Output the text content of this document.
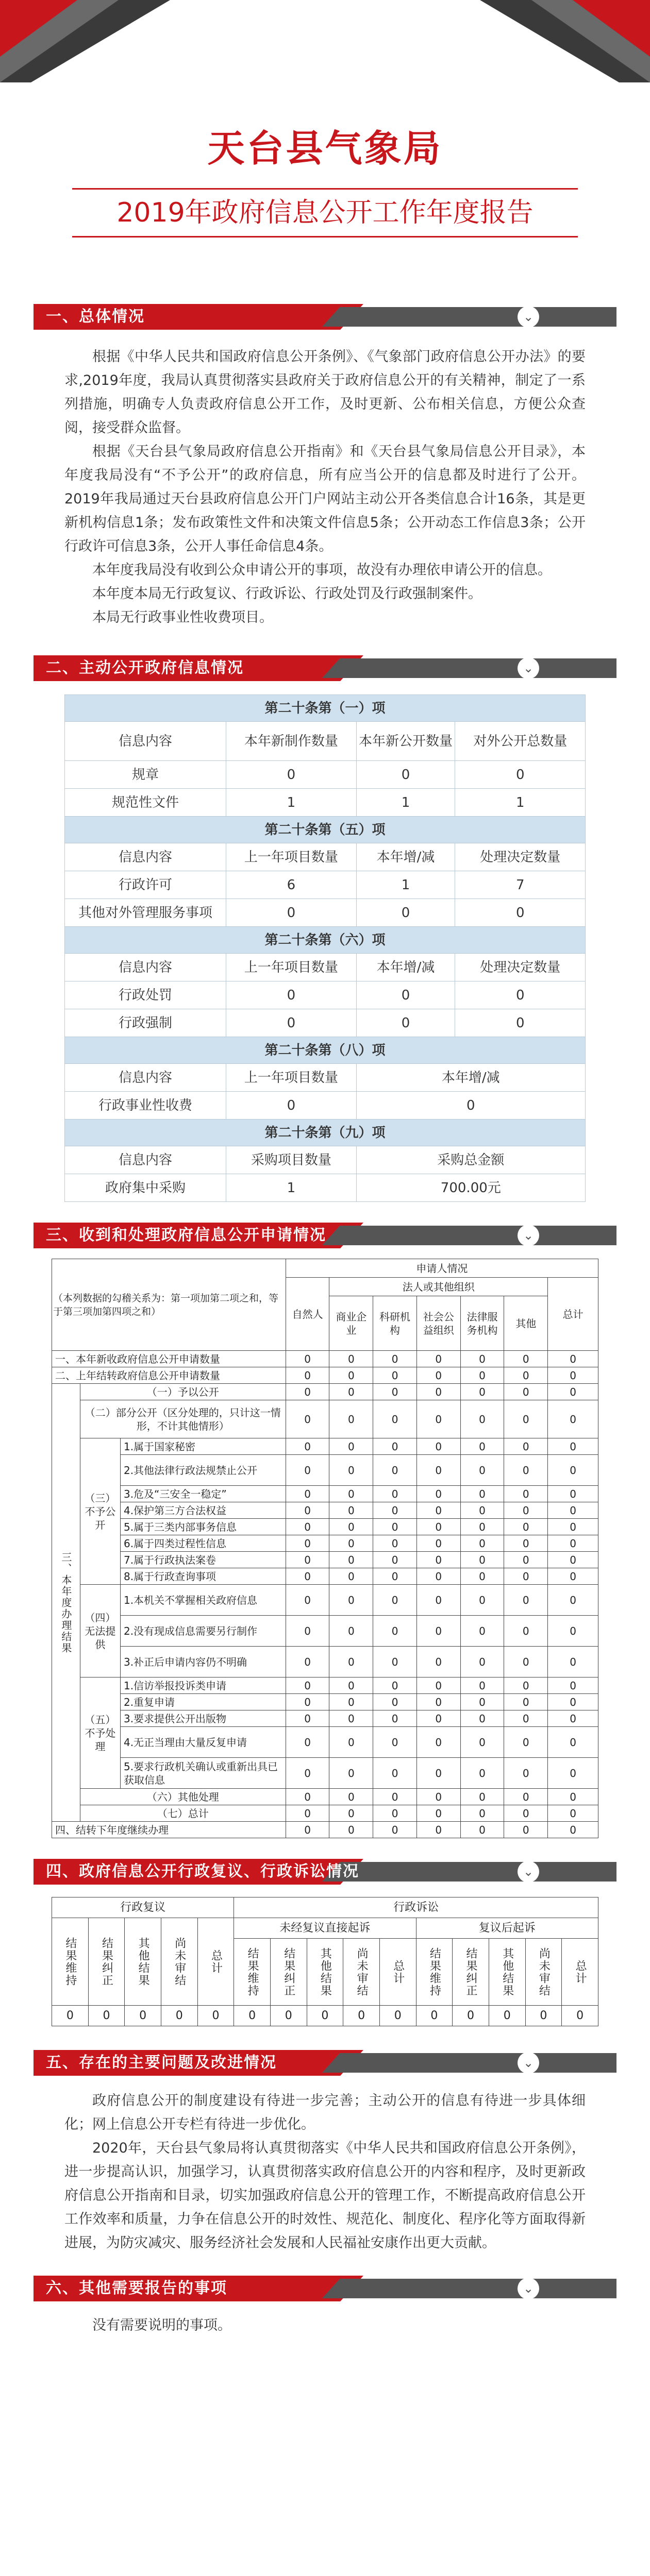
天台县气象局
2019年政府信息公开工作年度报告
一、总体情况	⌄

根据《中华人民共和国政府信息公开条例》、《气象部门政府信息公开办法》的要求,2019年度，我局认真贯彻落实县政府关于政府信息公开的有关精神，制定了一系列措施，明确专人负责政府信息公开工作，及时更新、公布相关信息，方便公众查阅，接受群众监督。

根据《天台县气象局政府信息公开指南》和《天台县气象局信息公开目录》，本年度我局没有“不予公开”的政府信息，所有应当公开的信息都及时进行了公开。2019年我局通过天台县政府信息公开门户网站主动公开各类信息合计16条，其是更新机构信息1条；发布政策性文件和决策文件信息5条；公开动态工作信息3条；公开行政许可信息3条，公开人事任命信息4条。

本年度我局没有收到公众申请公开的事项，故没有办理依申请公开的信息。

本年度本局无行政复议、行政诉讼、行政处罚及行政强制案件。

本局无行政事业性收费项目。

二、主动公开政府信息情况	⌄
第二十条第（一）项			
信息内容	本年新制作数量	本年新公开数量	对外公开总数量
规章	0	0	0
规范性文件	1	1	1
第二十条第（五）项			
信息内容	上一年项目数量	本年增/减	处理决定数量
行政许可	6	1	7
其他对外管理服务事项	0	0	0
第二十条第（六）项			
信息内容	上一年项目数量	本年增/减	处理决定数量
行政处罚	0	0	0
行政强制	0	0	0
第二十条第（八）项			
信息内容	上一年项目数量	本年增/减	
行政事业性收费	0	0	
第二十条第（九）项			
信息内容	采购项目数量	采购总金额	
政府集中采购	1	700.00元	
三、收到和处理政府信息公开申请情况	⌄
（本列数据的勾稽关系为：第一项加第二项之和，等于第三项加第四项之和）			申请人情况						
			自然人	法人或其他组织					总计
				商业企业	科研机构	社会公益组织	法律服务机构	其他	
一、本年新收政府信息公开申请数量			0	0	0	0	0	0	0
二、上年结转政府信息公开申请数量			0	0	0	0	0	0	0
三、本年度办理结果	（一）予以公开		0	0	0	0	0	0	0
	（二）部分公开（区分处理的，只计这一情形，不计其他情形）		0	0	0	0	0	0	0
	（三）不予公开	1.属于国家秘密	0	0	0	0	0	0	0
		2.其他法律行政法规禁止公开	0	0	0	0	0	0	0
		3.危及“三安全一稳定”	0	0	0	0	0	0	0
		4.保护第三方合法权益	0	0	0	0	0	0	0
		5.属于三类内部事务信息	0	0	0	0	0	0	0
		6.属于四类过程性信息	0	0	0	0	0	0	0
		7.属于行政执法案卷	0	0	0	0	0	0	0
		8.属于行政查询事项	0	0	0	0	0	0	0
	（四）无法提供	1.本机关不掌握相关政府信息	0	0	0	0	0	0	0
		2.没有现成信息需要另行制作	0	0	0	0	0	0	0
		3.补正后申请内容仍不明确	0	0	0	0	0	0	0
	（五）不予处理	1.信访举报投诉类申请	0	0	0	0	0	0	0
		2.重复申请	0	0	0	0	0	0	0
		3.要求提供公开出版物	0	0	0	0	0	0	0
		4.无正当理由大量反复申请	0	0	0	0	0	0	0
		5.要求行政机关确认或重新出具已获取信息	0	0	0	0	0	0	0
	（六）其他处理		0	0	0	0	0	0	0
	（七）总计		0	0	0	0	0	0	0
四、结转下年度继续办理			0	0	0	0	0	0	0
四、政府信息公开行政复议、行政诉讼情况	⌄
行政复议					行政诉讼									
结果维持	结果纠正	其他结果	尚未审结	总计	未经复议直接起诉					复议后起诉				
					结果维持	结果纠正	其他结果	尚未审结	总计	结果维持	结果纠正	其他结果	尚未审结	总计
0	0	0	0	0	0	0	0	0	0	0	0	0	0	0
五、存在的主要问题及改进情况	⌄

政府信息公开的制度建设有待进一步完善；主动公开的信息有待进一步具体细化；网上信息公开专栏有待进一步优化。

2020年，天台县气象局将认真贯彻落实《中华人民共和国政府信息公开条例》，进一步提高认识，加强学习，认真贯彻落实政府信息公开的内容和程序，及时更新政府信息公开指南和目录，切实加强政府信息公开的管理工作，不断提高政府信息公开工作效率和质量，力争在信息公开的时效性、规范化、制度化、程序化等方面取得新进展，为防灾减灾、服务经济社会发展和人民福祉安康作出更大贡献。

六、其他需要报告的事项	⌄

没有需要说明的事项。
